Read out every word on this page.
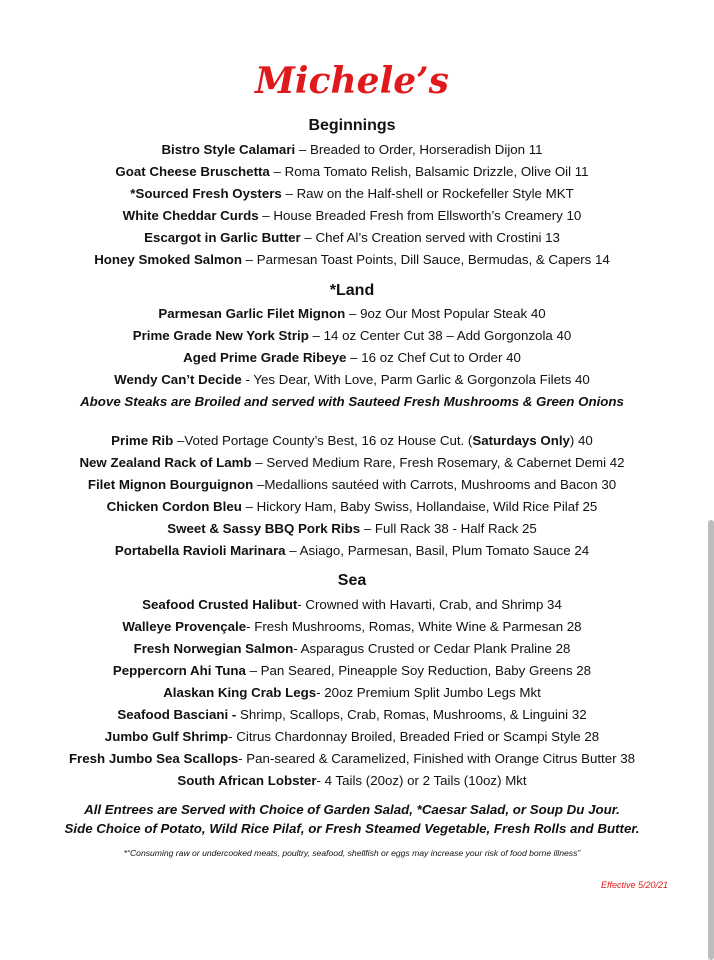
Michele’s
Beginnings
Bistro Style Calamari – Breaded to Order, Horseradish Dijon 11
Goat Cheese Bruschetta – Roma Tomato Relish, Balsamic Drizzle, Olive Oil 11
*Sourced Fresh Oysters – Raw on the Half-shell or Rockefeller Style MKT
White Cheddar Curds – House Breaded Fresh from Ellsworth’s Creamery 10
Escargot in Garlic Butter – Chef Al’s Creation served with Crostini 13
Honey Smoked Salmon – Parmesan Toast Points, Dill Sauce, Bermudas, & Capers 14
*Land
Parmesan Garlic Filet Mignon – 9oz Our Most Popular Steak 40
Prime Grade New York Strip – 14 oz Center Cut 38 – Add Gorgonzola 40
Aged Prime Grade Ribeye – 16 oz Chef Cut to Order 40
Wendy Can’t Decide - Yes Dear, With Love, Parm Garlic & Gorgonzola Filets 40
Above Steaks are Broiled and served with Sauteed Fresh Mushrooms & Green Onions
Prime Rib –Voted Portage County’s Best, 16 oz House Cut. (Saturdays Only) 40
New Zealand Rack of Lamb – Served Medium Rare, Fresh Rosemary, & Cabernet Demi 42
Filet Mignon Bourguignon –Medallions sautéed with Carrots, Mushrooms and Bacon 30
Chicken Cordon Bleu – Hickory Ham, Baby Swiss, Hollandaise, Wild Rice Pilaf 25
Sweet & Sassy BBQ Pork Ribs – Full Rack 38 - Half Rack 25
Portabella Ravioli Marinara – Asiago, Parmesan, Basil, Plum Tomato Sauce 24
Sea
Seafood Crusted Halibut- Crowned with Havarti, Crab, and Shrimp 34
Walleye Provençale- Fresh Mushrooms, Romas, White Wine & Parmesan 28
Fresh Norwegian Salmon- Asparagus Crusted or Cedar Plank Praline 28
Peppercorn Ahi Tuna – Pan Seared, Pineapple Soy Reduction, Baby Greens 28
Alaskan King Crab Legs- 20oz Premium Split Jumbo Legs Mkt
Seafood Basciani - Shrimp, Scallops, Crab, Romas, Mushrooms, & Linguini 32
Jumbo Gulf Shrimp- Citrus Chardonnay Broiled, Breaded Fried or Scampi Style 28
Fresh Jumbo Sea Scallops- Pan-seared & Caramelized, Finished with Orange Citrus Butter 38
South African Lobster- 4 Tails (20oz) or 2 Tails (10oz) Mkt
All Entrees are Served with Choice of Garden Salad, *Caesar Salad, or Soup Du Jour.
Side Choice of Potato, Wild Rice Pilaf, or Fresh Steamed Vegetable, Fresh Rolls and Butter.
*“Consuming raw or undercooked meats, poultry, seafood, shellfish or eggs may increase your risk of food borne illness”
Effective 5/20/21
